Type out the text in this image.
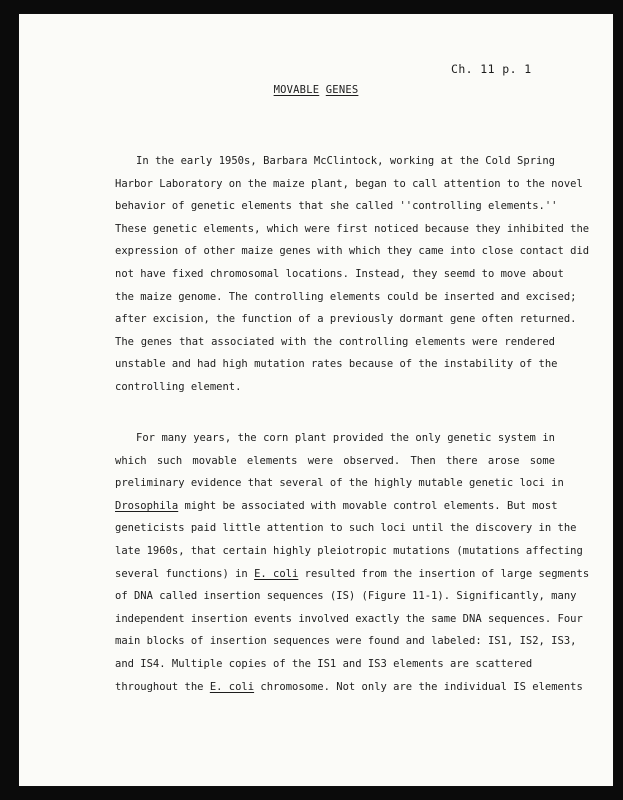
Ch. 11 p. 1
MOVABLE GENES
In the early 1950s, Barbara McClintock, working at the Cold Spring
Harbor Laboratory on the maize plant, began to call attention to the novel
behavior of genetic elements that she called ''controlling elements.''
These genetic elements, which were first noticed because they inhibited the
expression of other maize genes with which they came into close contact did
not have fixed chromosomal locations. Instead, they seemd to move about
the maize genome. The controlling elements could be inserted and excised;
after excision, the function of a previously dormant gene often returned.
The genes that associated with the controlling elements were rendered
unstable and had high mutation rates because of the instability of the
controlling element.
For many years, the corn plant provided the only genetic system in
which such movable elements were observed. Then there arose some
preliminary evidence that several of the highly mutable genetic loci in
Drosophila might be associated with movable control elements. But most
geneticists paid little attention to such loci until the discovery in the
late 1960s, that certain highly pleiotropic mutations (mutations affecting
several functions) in E. coli resulted from the insertion of large segments
of DNA called insertion sequences (IS) (Figure 11-1). Significantly, many
independent insertion events involved exactly the same DNA sequences. Four
main blocks of insertion sequences were found and labeled: IS1, IS2, IS3,
and IS4. Multiple copies of the IS1 and IS3 elements are scattered
throughout the E. coli chromosome. Not only are the individual IS elements
